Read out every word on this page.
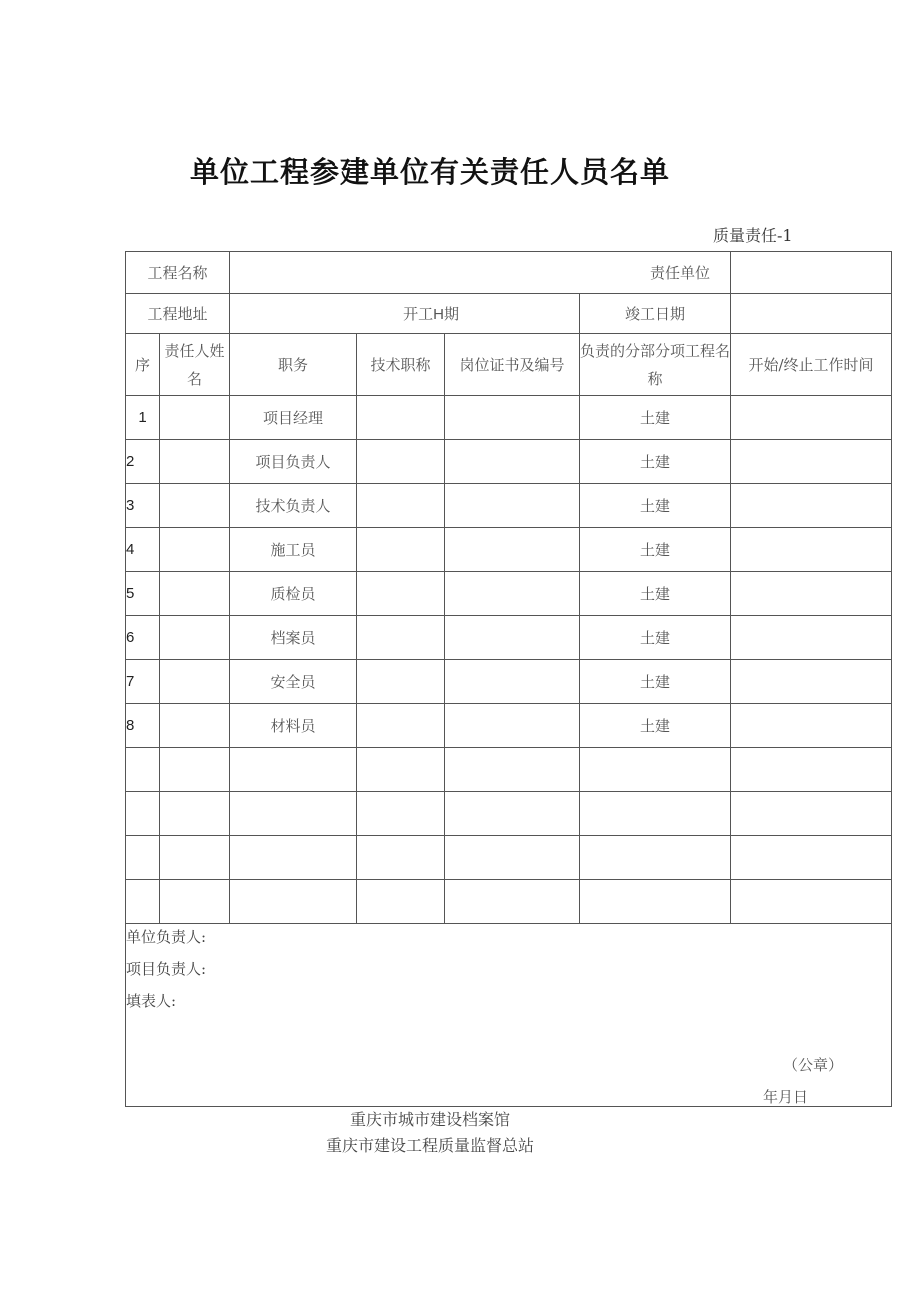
单位工程参建单位有关责任人员名单
质量责任-1
工程名称		责任单位				
工程地址		开工H期			竣工日期	
序	责任人姓名	职务	技术职称	岗位证书及编号	负责的分部分项工程名称	开始/终止工作时间
1		项目经理			土建	
2		项目负责人			土建	
3		技术负责人			土建	
4		施工员			土建	
5		质检员			土建	
6		档案员			土建	
7		安全员			土建	
8		材料员			土建	

单位负责人:
项目负责人:
填表人:
（公章）
年月日						
重庆市城市建设档案馆
重庆市建设工程质量监督总站
